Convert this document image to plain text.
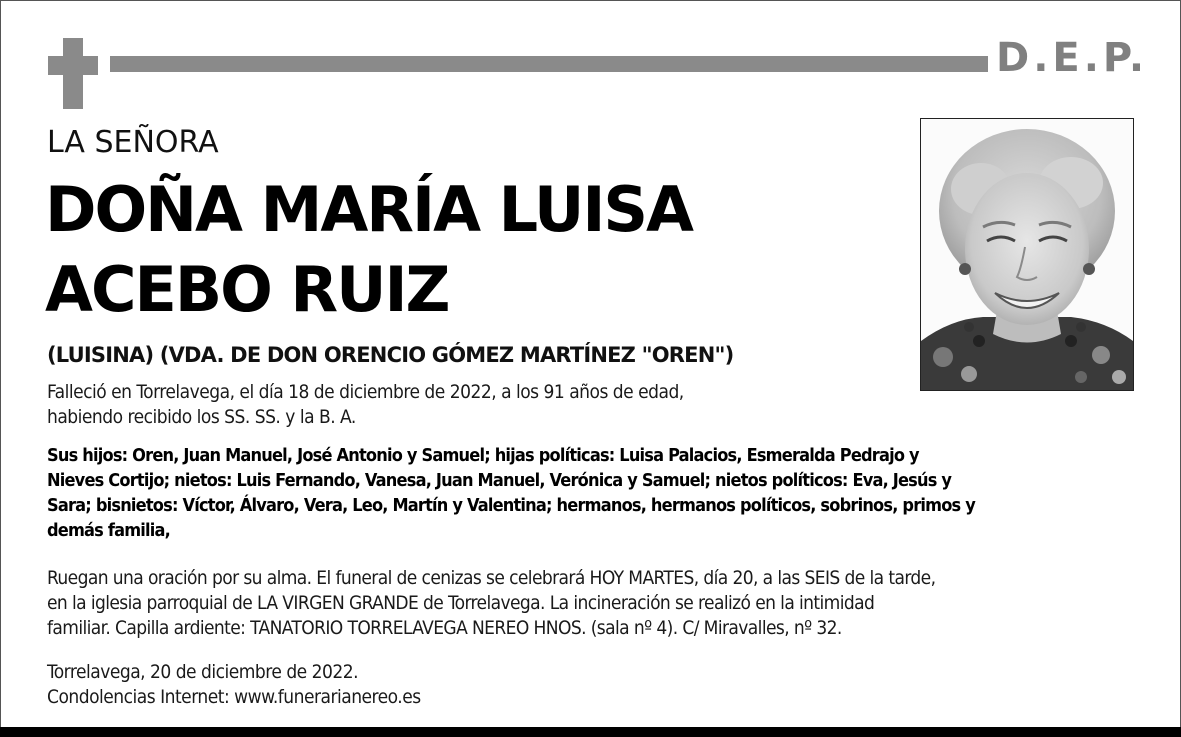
D.E.P.
LA SEÑORA
DOÑA MARÍA LUISA
ACEBO RUIZ
(LUISINA) (VDA. DE DON ORENCIO GÓMEZ MARTÍNEZ "OREN")

Falleció en Torrelavega, el día 18 de diciembre de 2022, a los 91 años de edad,
habiendo recibido los SS. SS. y la B. A.

Sus hijos: Oren, Juan Manuel, José Antonio y Samuel; hijas políticas: Luisa Palacios, Esmeralda Pedrajo y
Nieves Cortijo; nietos: Luis Fernando, Vanesa, Juan Manuel, Verónica y Samuel; nietos políticos: Eva, Jesús y
Sara; bisnietos: Víctor, Álvaro, Vera, Leo, Martín y Valentina; hermanos, hermanos políticos, sobrinos, primos y
demás familia,

Ruegan una oración por su alma. El funeral de cenizas se celebrará HOY MARTES, día 20, a las SEIS de la tarde,
en la iglesia parroquial de LA VIRGEN GRANDE de Torrelavega. La incineración se realizó en la intimidad
familiar. Capilla ardiente: TANATORIO TORRELAVEGA NEREO HNOS. (sala nº 4). C/ Miravalles, nº 32.

Torrelavega, 20 de diciembre de 2022.
Condolencias Internet: www.funerarianereo.es
